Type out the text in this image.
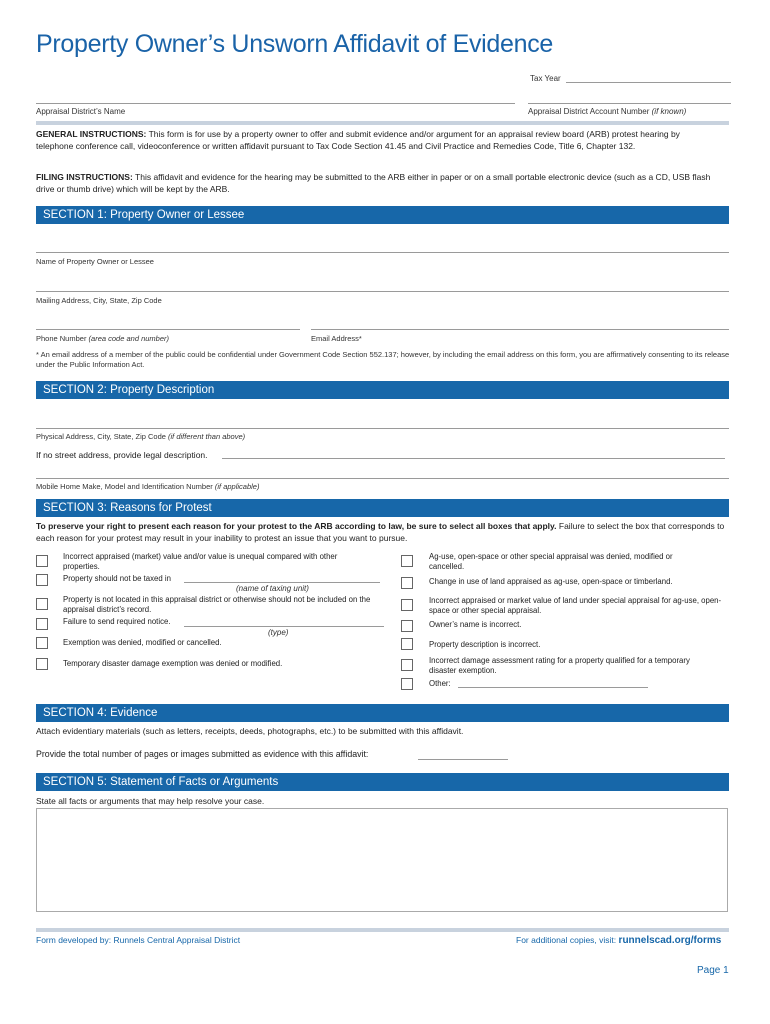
Property Owner’s Unsworn Affidavit of Evidence
Tax Year
Appraisal District’s Name	Appraisal District Account Number (if known)
GENERAL INSTRUCTIONS: This form is for use by a property owner to offer and submit evidence and/or argument for an appraisal review board (ARB) protest hearing by telephone conference call, videoconference or written affidavit pursuant to Tax Code Section 41.45 and Civil Practice and Remedies Code, Title 6, Chapter 132.
FILING INSTRUCTIONS: This affidavit and evidence for the hearing may be submitted to the ARB either in paper or on a small portable electronic device (such as a CD, USB flash drive or thumb drive) which will be kept by the ARB.
SECTION 1: Property Owner or Lessee
Name of Property Owner or Lessee
Mailing Address, City, State, Zip Code
Phone Number (area code and number)	Email Address*
* An email address of a member of the public could be confidential under Government Code Section 552.137; however, by including the email address on this form, you are affirmatively consenting to its release under the Public Information Act.
SECTION 2: Property Description
Physical Address, City, State, Zip Code (if different than above)
If no street address, provide legal description.
Mobile Home Make, Model and Identification Number (if applicable)
SECTION 3: Reasons for Protest
To preserve your right to present each reason for your protest to the ARB according to law, be sure to select all boxes that apply. Failure to select the box that corresponds to each reason for your protest may result in your inability to protest an issue that you want to pursue.
Incorrect appraised (market) value and/or value is unequal compared with other properties.
Property should not be taxed in
(name of taxing unit)
Property is not located in this appraisal district or otherwise should not be included on the appraisal district’s record.
Failure to send required notice.
(type)
Exemption was denied, modified or cancelled.
Temporary disaster damage exemption was denied or modified.
Ag-use, open-space or other special appraisal was denied, modified or cancelled.
Change in use of land appraised as ag-use, open-space or timberland.
Incorrect appraised or market value of land under special appraisal for ag-use, open-space or other special appraisal.
Owner’s name is incorrect.
Property description is incorrect.
Incorrect damage assessment rating for a property qualified for a temporary disaster exemption.
Other:
SECTION 4: Evidence
Attach evidentiary materials (such as letters, receipts, deeds, photographs, etc.) to be submitted with this affidavit.
Provide the total number of pages or images submitted as evidence with this affidavit:
SECTION 5: Statement of Facts or Arguments
State all facts or arguments that may help resolve your case.
Form developed by: Runnels Central Appraisal District	For additional copies, visit: runnelscad.org/forms
Page 1
